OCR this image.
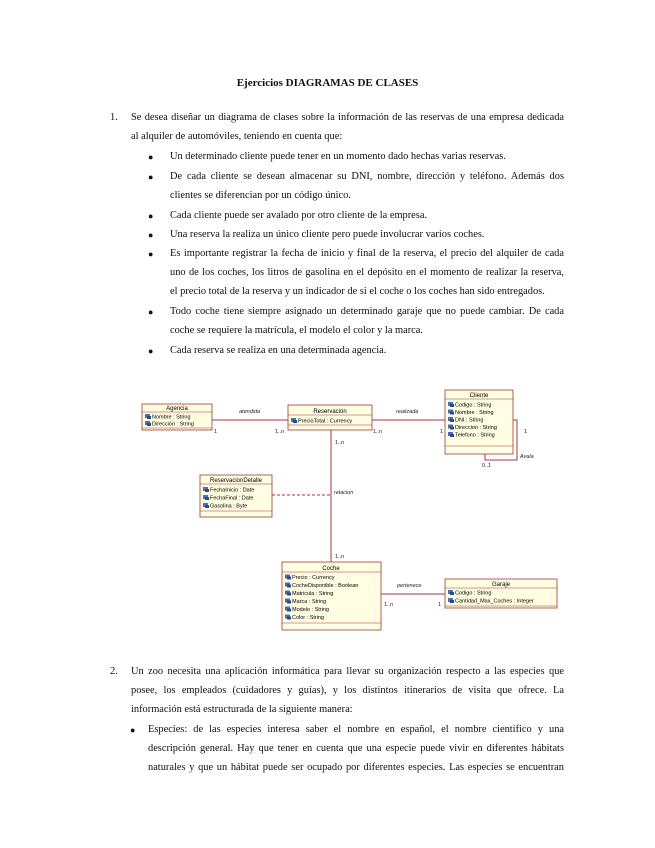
Ejercicios DIAGRAMAS DE CLASES
1. Se desea diseñar un diagrama de clases sobre la información de las reservas de una empresa dedicada
al alquiler de automóviles, teniendo en cuenta que:
● Un determinado cliente puede tener en un momento dado hechas varias reservas.
● De cada cliente se desean almacenar su DNI, nombre, dirección y teléfono. Además dos
clientes se diferencian por un código único.
● Cada cliente puede ser avalado por otro cliente de la empresa.
● Una reserva la realiza un único cliente pero puede involucrar varios coches.
● Es importante registrar la fecha de inicio y final de la reserva, el precio del alquiler de cada
uno de los coches, los litros de gasolina en el depósito en el momento de realizar la reserva,
el precio total de la reserva y un indicador de si el coche o los coches han sido entregados.
● Todo coche tiene siempre asignado un determinado garaje que no puede cambiar. De cada
coche se requiere la matrícula, el modelo el color y la marca.
● Cada reserva se realiza en una determinada agencia.
Agencia
Nombre : String
Dirección : String
Reservacion
PrecioTotal : Currency
Cliente
Codigo : String
Nombre : String
DNI : String
Direccion : String
Telefono : String
ReservacionDetalle
FechaInicio : Date
FechaFinal : Date
Gasolina : Byte
Coche
Precio : Currency
CocheDisponible : Boolean
Matricula : String
Marca : String
Modelo : String
Color : String
Garaje
Codigo : String
Cantidad_Max_Coches : Integer
atendida	realizada
relacion
pertenece
Avala
1	1..n	1..n	1	1
0..1
1..n
1..n
1..n	1
2. Un zoo necesita una aplicación informática para llevar su organización respecto a las especies que
posee, los empleados (cuidadores y guías), y los distintos itinerarios de visita que ofrece. La
información está estructurada de la siguiente manera:
● Especies: de las especies interesa saber el nombre en español, el nombre científico y una
descripción general. Hay que tener en cuenta que una especie puede vivir en diferentes hábitats
naturales y que un hábitat puede ser ocupado por diferentes especies. Las especies se encuentran
